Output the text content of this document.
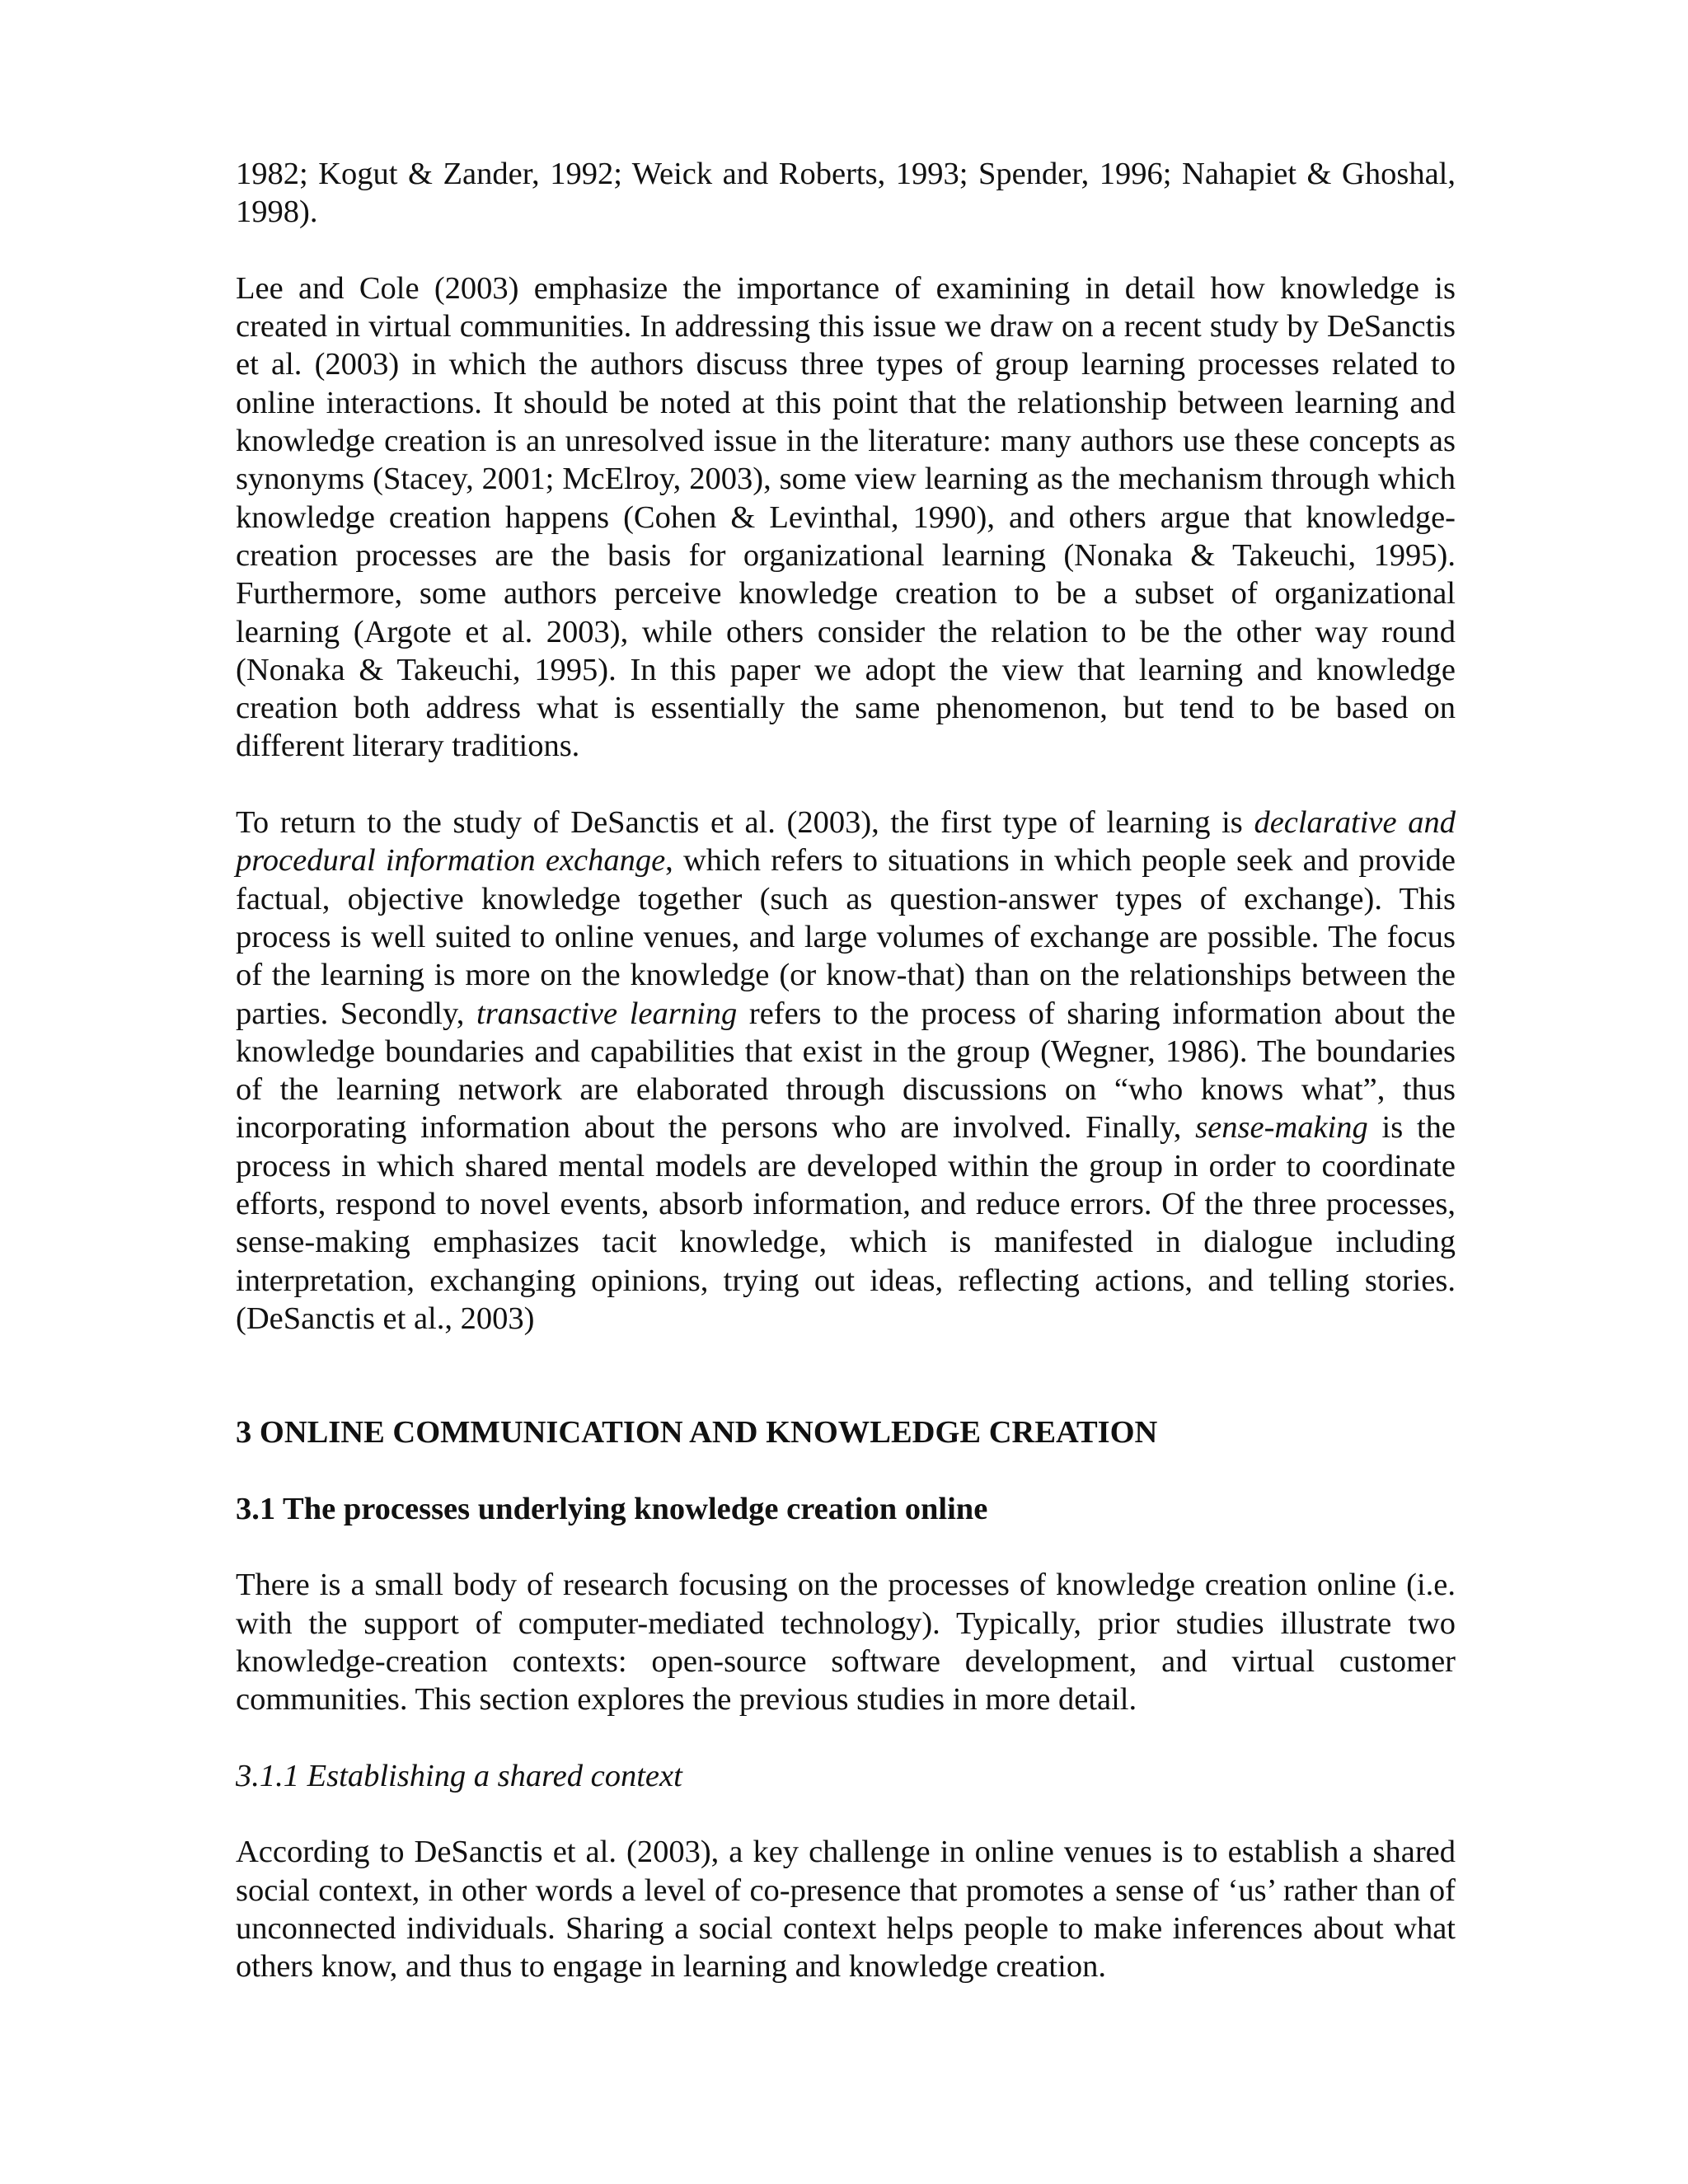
1982; Kogut & Zander, 1992; Weick and Roberts, 1993; Spender, 1996; Nahapiet & Ghoshal, 1998).

Lee and Cole (2003) emphasize the importance of examining in detail how knowledge is created in virtual communities. In addressing this issue we draw on a recent study by DeSanctis et al. (2003) in which the authors discuss three types of group learning processes related to online interactions. It should be noted at this point that the relationship between learning and knowledge creation is an unresolved issue in the literature: many authors use these concepts as synonyms (Stacey, 2001; McElroy, 2003), some view learning as the mechanism through which knowledge creation happens (Cohen & Levinthal, 1990), and others argue that knowledge-creation processes are the basis for organizational learning (Nonaka & Takeuchi, 1995). Furthermore, some authors perceive knowledge creation to be a subset of organizational learning (Argote et al. 2003), while others consider the relation to be the other way round (Nonaka & Takeuchi, 1995). In this paper we adopt the view that learning and knowledge creation both address what is essentially the same phenomenon, but tend to be based on different literary traditions.

To return to the study of DeSanctis et al. (2003), the first type of learning is declarative and procedural information exchange, which refers to situations in which people seek and provide factual, objective knowledge together (such as question-answer types of exchange). This process is well suited to online venues, and large volumes of exchange are possible. The focus of the learning is more on the knowledge (or know-that) than on the relationships between the parties. Secondly, transactive learning refers to the process of sharing information about the knowledge boundaries and capabilities that exist in the group (Wegner, 1986). The boundaries of the learning network are elaborated through discussions on “who knows what”, thus incorporating information about the persons who are involved. Finally, sense-making is the process in which shared mental models are developed within the group in order to coordinate efforts, respond to novel events, absorb information, and reduce errors. Of the three processes, sense-making emphasizes tacit knowledge, which is manifested in dialogue including interpretation, exchanging opinions, trying out ideas, reflecting actions, and telling stories. (DeSanctis et al., 2003)

3 ONLINE COMMUNICATION AND KNOWLEDGE CREATION

3.1 The processes underlying knowledge creation online

There is a small body of research focusing on the processes of knowledge creation online (i.e. with the support of computer-mediated technology). Typically, prior studies illustrate two knowledge-creation contexts: open-source software development, and virtual customer communities. This section explores the previous studies in more detail.

3.1.1 Establishing a shared context

According to DeSanctis et al. (2003), a key challenge in online venues is to establish a shared social context, in other words a level of co-presence that promotes a sense of ‘us’ rather than of unconnected individuals. Sharing a social context helps people to make inferences about what others know, and thus to engage in learning and knowledge creation.
